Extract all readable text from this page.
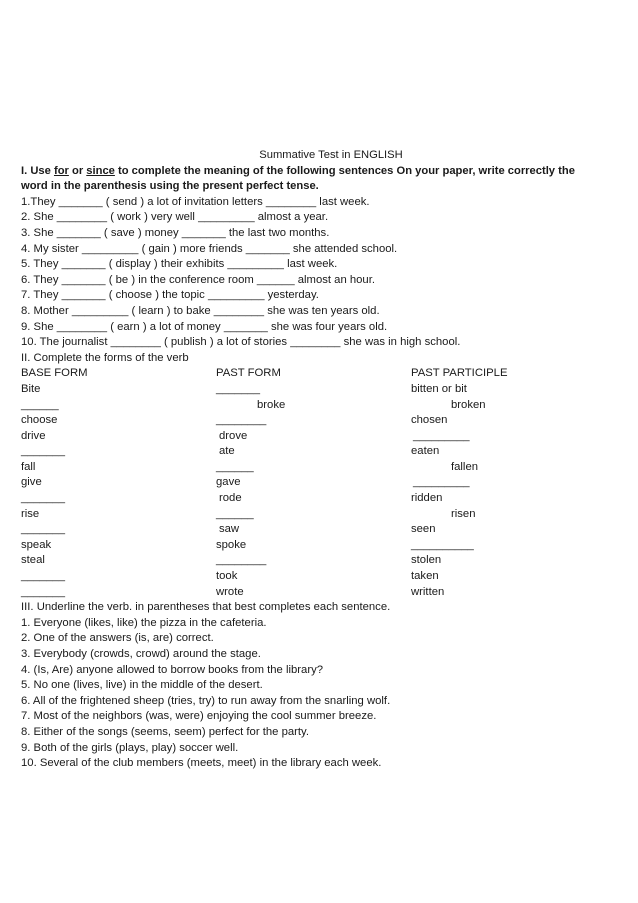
Summative Test in ENGLISH
I. Use for or since to complete the meaning of the following sentences On your paper, write correctly the
word in the parenthesis using the present perfect tense.
1.They _______ ( send ) a lot of invitation letters ________ last week.
2. She ________ ( work ) very well _________ almost a year.
3. She _______ ( save ) money _______ the last two months.
4. My sister _________ ( gain ) more friends _______ she attended school.
5. They _______ ( display ) their exhibits _________ last week.
6. They _______ ( be ) in the conference room ______ almost an hour.
7. They _______ ( choose ) the topic _________ yesterday.
8. Mother _________ ( learn ) to bake ________ she was ten years old.
9. She ________ ( earn ) a lot of money _______ she was four years old.
10. The journalist ________ ( publish ) a lot of stories ________ she was in high school.
II. Complete the forms of the verb
BASE FORM	PAST FORM	PAST PARTICIPLE
Bite	_______	bitten or bit
______	broke	broken
choose	________	chosen
drive	drove	_________
_______	ate	eaten
fall	______	fallen
give	gave	_________
_______	rode	ridden
rise	______	risen
_______	saw	seen
speak	spoke	__________
steal	________	stolen
_______	took	taken
_______	wrote	written
III. Underline the verb. in parentheses that best completes each sentence.
1. Everyone (likes, like) the pizza in the cafeteria.
2. One of the answers (is, are) correct.
3. Everybody (crowds, crowd) around the stage.
4. (Is, Are) anyone allowed to borrow books from the library?
5. No one (lives, live) in the middle of the desert.
6. All of the frightened sheep (tries, try) to run away from the snarling wolf.
7. Most of the neighbors (was, were) enjoying the cool summer breeze.
8. Either of the songs (seems, seem) perfect for the party.
9. Both of the girls (plays, play) soccer well.
10. Several of the club members (meets, meet) in the library each week.
